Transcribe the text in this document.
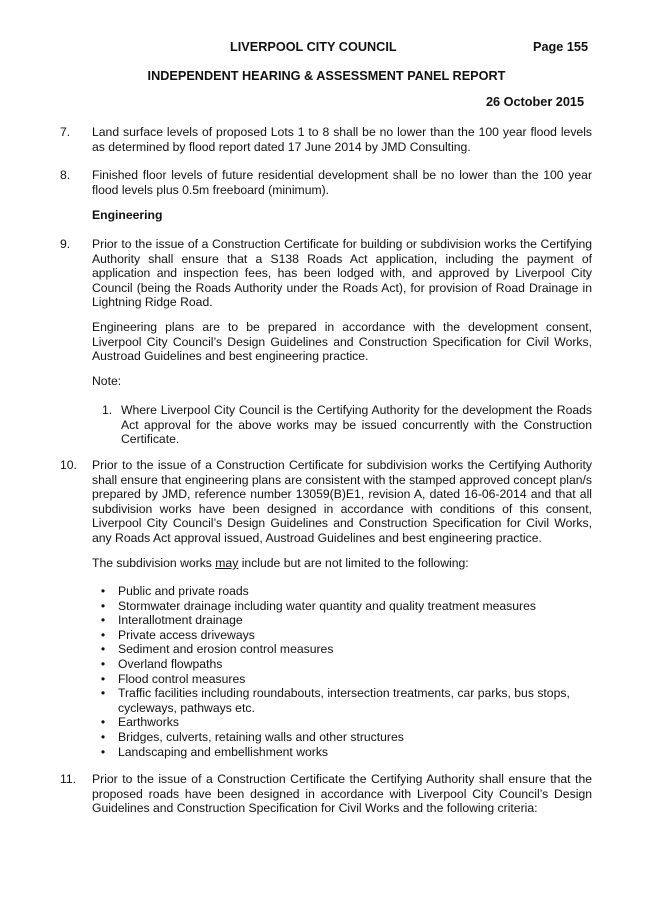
LIVERPOOL CITY COUNCIL	Page 155
INDEPENDENT HEARING & ASSESSMENT PANEL REPORT
26 October 2015
7. Land surface levels of proposed Lots 1 to 8 shall be no lower than the 100 year flood levels as determined by flood report dated 17 June 2014 by JMD Consulting.
8. Finished floor levels of future residential development shall be no lower than the 100 year flood levels plus 0.5m freeboard (minimum).
Engineering
9. Prior to the issue of a Construction Certificate for building or subdivision works the Certifying Authority shall ensure that a S138 Roads Act application, including the payment of application and inspection fees, has been lodged with, and approved by Liverpool City Council (being the Roads Authority under the Roads Act), for provision of Road Drainage in Lightning Ridge Road.
Engineering plans are to be prepared in accordance with the development consent, Liverpool City Council’s Design Guidelines and Construction Specification for Civil Works, Austroad Guidelines and best engineering practice.
Note:
1. Where Liverpool City Council is the Certifying Authority for the development the Roads Act approval for the above works may be issued concurrently with the Construction Certificate.
10. Prior to the issue of a Construction Certificate for subdivision works the Certifying Authority shall ensure that engineering plans are consistent with the stamped approved concept plan/s prepared by JMD, reference number 13059(B)E1, revision A, dated 16-06-2014 and that all subdivision works have been designed in accordance with conditions of this consent, Liverpool City Council’s Design Guidelines and Construction Specification for Civil Works, any Roads Act approval issued, Austroad Guidelines and best engineering practice.
The subdivision works may include but are not limited to the following:
•	Public and private roads
•	Stormwater drainage including water quantity and quality treatment measures
•	Interallotment drainage
•	Private access driveways
•	Sediment and erosion control measures
•	Overland flowpaths
•	Flood control measures
•	Traffic facilities including roundabouts, intersection treatments, car parks, bus stops, cycleways, pathways etc.
•	Earthworks
•	Bridges, culverts, retaining walls and other structures
•	Landscaping and embellishment works
11. Prior to the issue of a Construction Certificate the Certifying Authority shall ensure that the proposed roads have been designed in accordance with Liverpool City Council’s Design Guidelines and Construction Specification for Civil Works and the following criteria:
